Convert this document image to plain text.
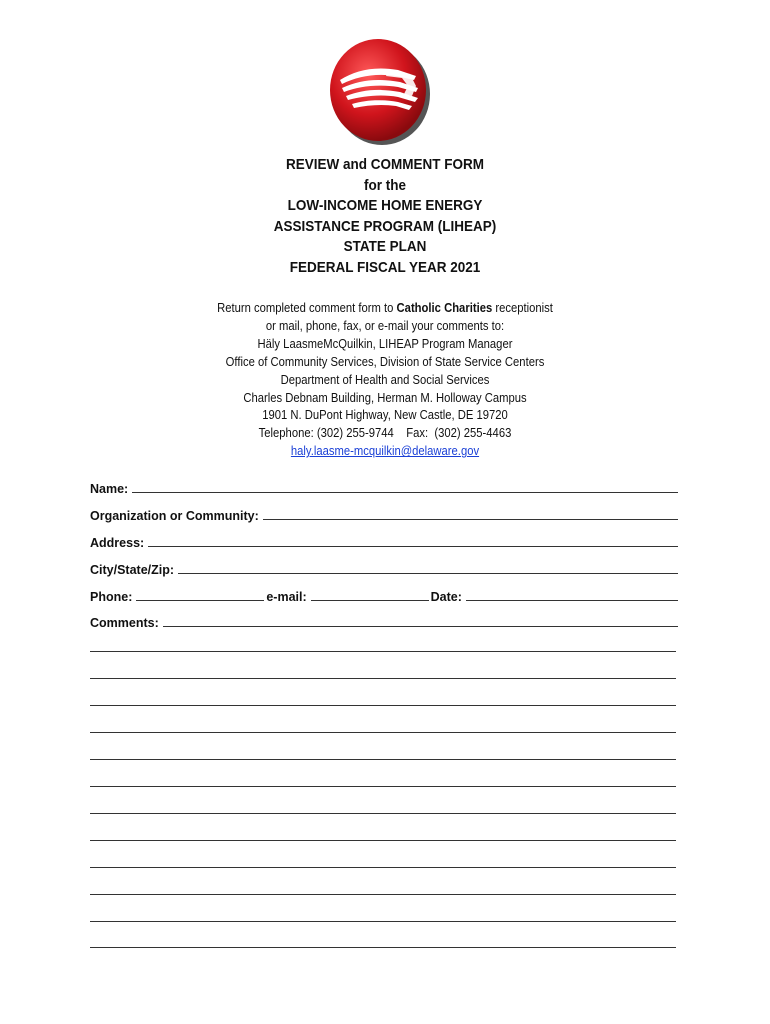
REVIEW and COMMENT FORM
for the
LOW-INCOME HOME ENERGY
ASSISTANCE PROGRAM (LIHEAP)
STATE PLAN
FEDERAL FISCAL YEAR 2021
Return completed comment form to Catholic Charities receptionist
or mail, phone, fax, or e-mail your comments to:
Häly LaasmeMcQuilkin, LIHEAP Program Manager
Office of Community Services, Division of State Service Centers
Department of Health and Social Services
Charles Debnam Building, Herman M. Holloway Campus
1901 N. DuPont Highway, New Castle, DE 19720
Telephone: (302) 255-9744    Fax:  (302) 255-4463
haly.laasme-mcquilkin@delaware.gov
Name:
Organization or Community:
Address:
City/State/Zip:
Phone:	e-mail:	Date:
Comments:
